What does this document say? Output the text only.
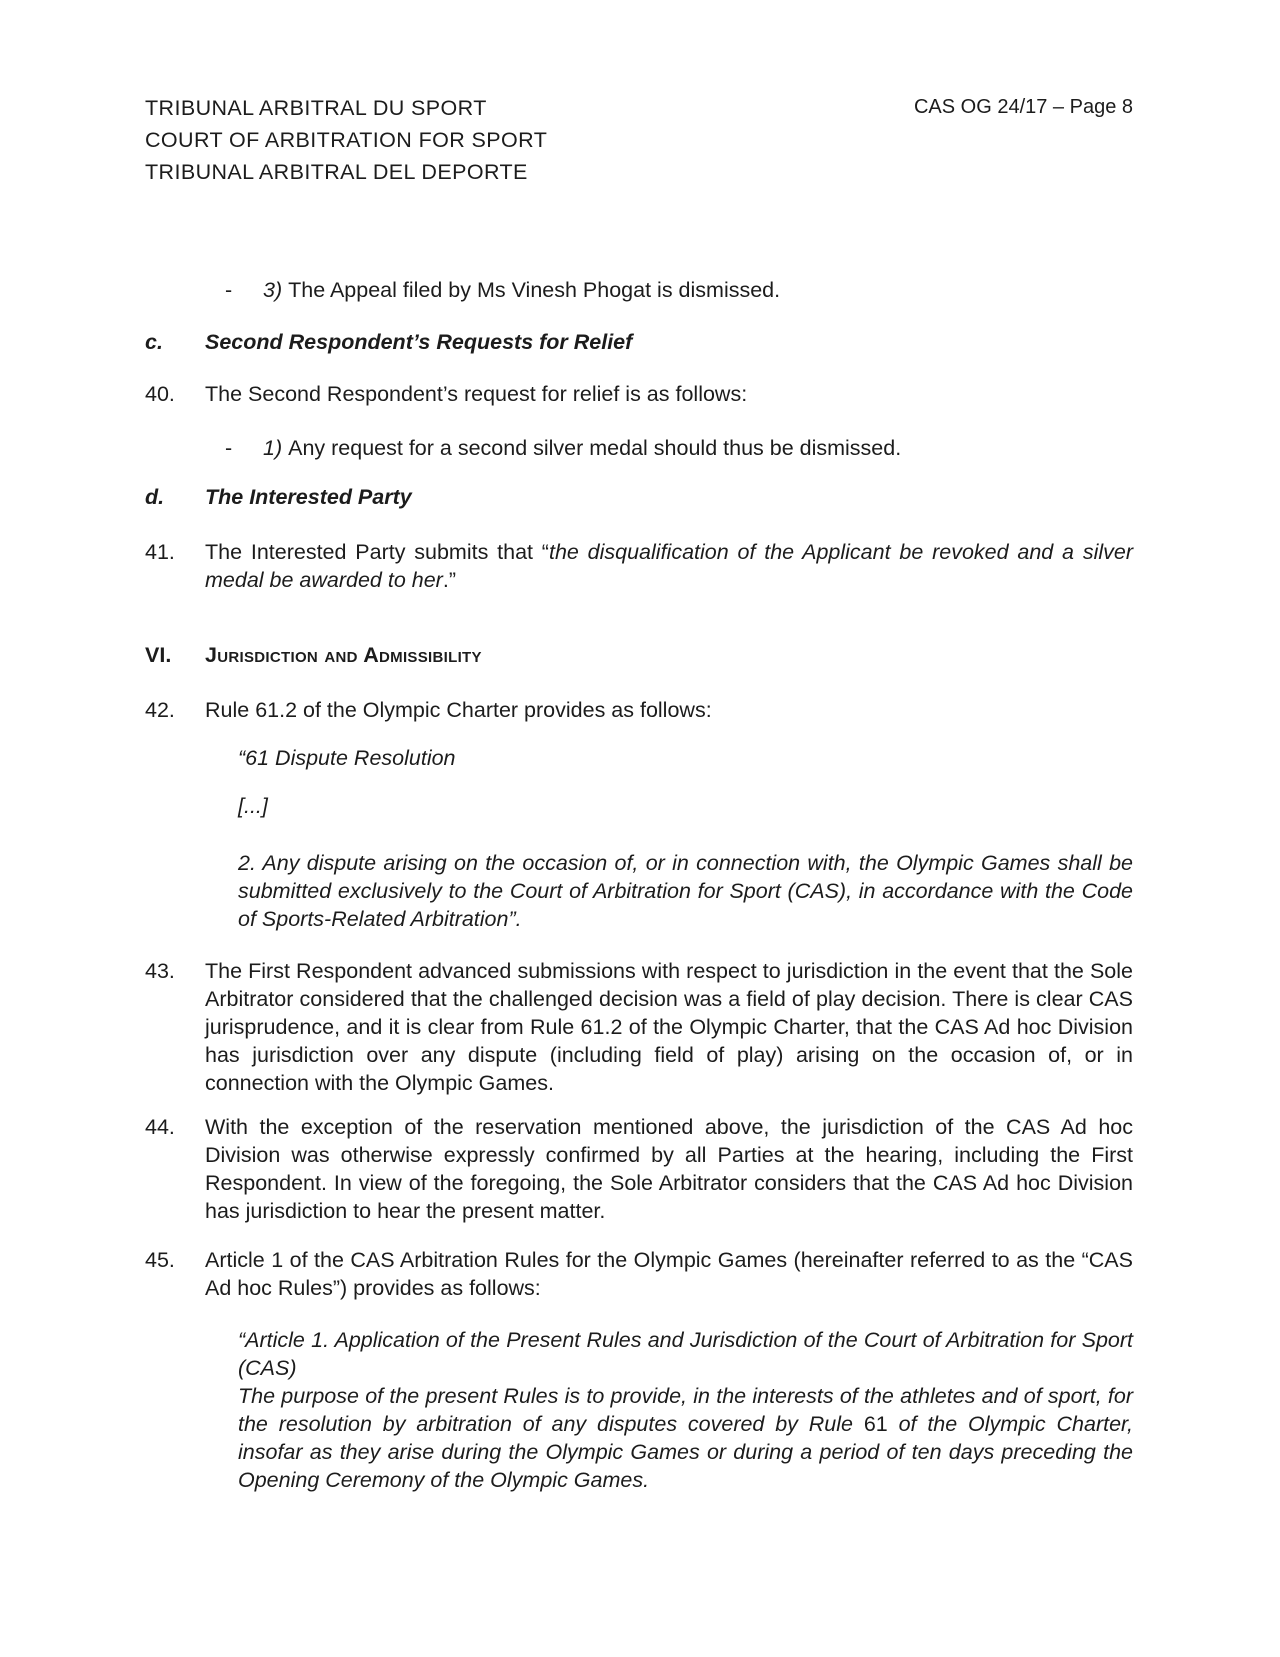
TRIBUNAL ARBITRAL DU SPORT
COURT OF ARBITRATION FOR SPORT
TRIBUNAL ARBITRAL DEL DEPORTE
CAS OG 24/17 – Page 8
-	3) The Appeal filed by Ms Vinesh Phogat is dismissed.
c.	Second Respondent’s Requests for Relief
40.	The Second Respondent’s request for relief is as follows:
-	1) Any request for a second silver medal should thus be dismissed.
d.	The Interested Party
41.	The Interested Party submits that “the disqualification of the Applicant be revoked and a silver medal be awarded to her.”
VI.	Jurisdiction and Admissibility
42.	Rule 61.2 of the Olympic Charter provides as follows:
“61 Dispute Resolution
[...]
2. Any dispute arising on the occasion of, or in connection with, the Olympic Games shall be submitted exclusively to the Court of Arbitration for Sport (CAS), in accordance with the Code of Sports-Related Arbitration”.
43.	The First Respondent advanced submissions with respect to jurisdiction in the event that the Sole Arbitrator considered that the challenged decision was a field of play decision. There is clear CAS jurisprudence, and it is clear from Rule 61.2 of the Olympic Charter, that the CAS Ad hoc Division has jurisdiction over any dispute (including field of play) arising on the occasion of, or in connection with the Olympic Games.
44.	With the exception of the reservation mentioned above, the jurisdiction of the CAS Ad hoc Division was otherwise expressly confirmed by all Parties at the hearing, including the First Respondent. In view of the foregoing, the Sole Arbitrator considers that the CAS Ad hoc Division has jurisdiction to hear the present matter.
45.	Article 1 of the CAS Arbitration Rules for the Olympic Games (hereinafter referred to as the “CAS Ad hoc Rules”) provides as follows:
“Article 1. Application of the Present Rules and Jurisdiction of the Court of Arbitration for Sport (CAS)
The purpose of the present Rules is to provide, in the interests of the athletes and of sport, for the resolution by arbitration of any disputes covered by Rule 61 of the Olympic Charter, insofar as they arise during the Olympic Games or during a period of ten days preceding the Opening Ceremony of the Olympic Games.
